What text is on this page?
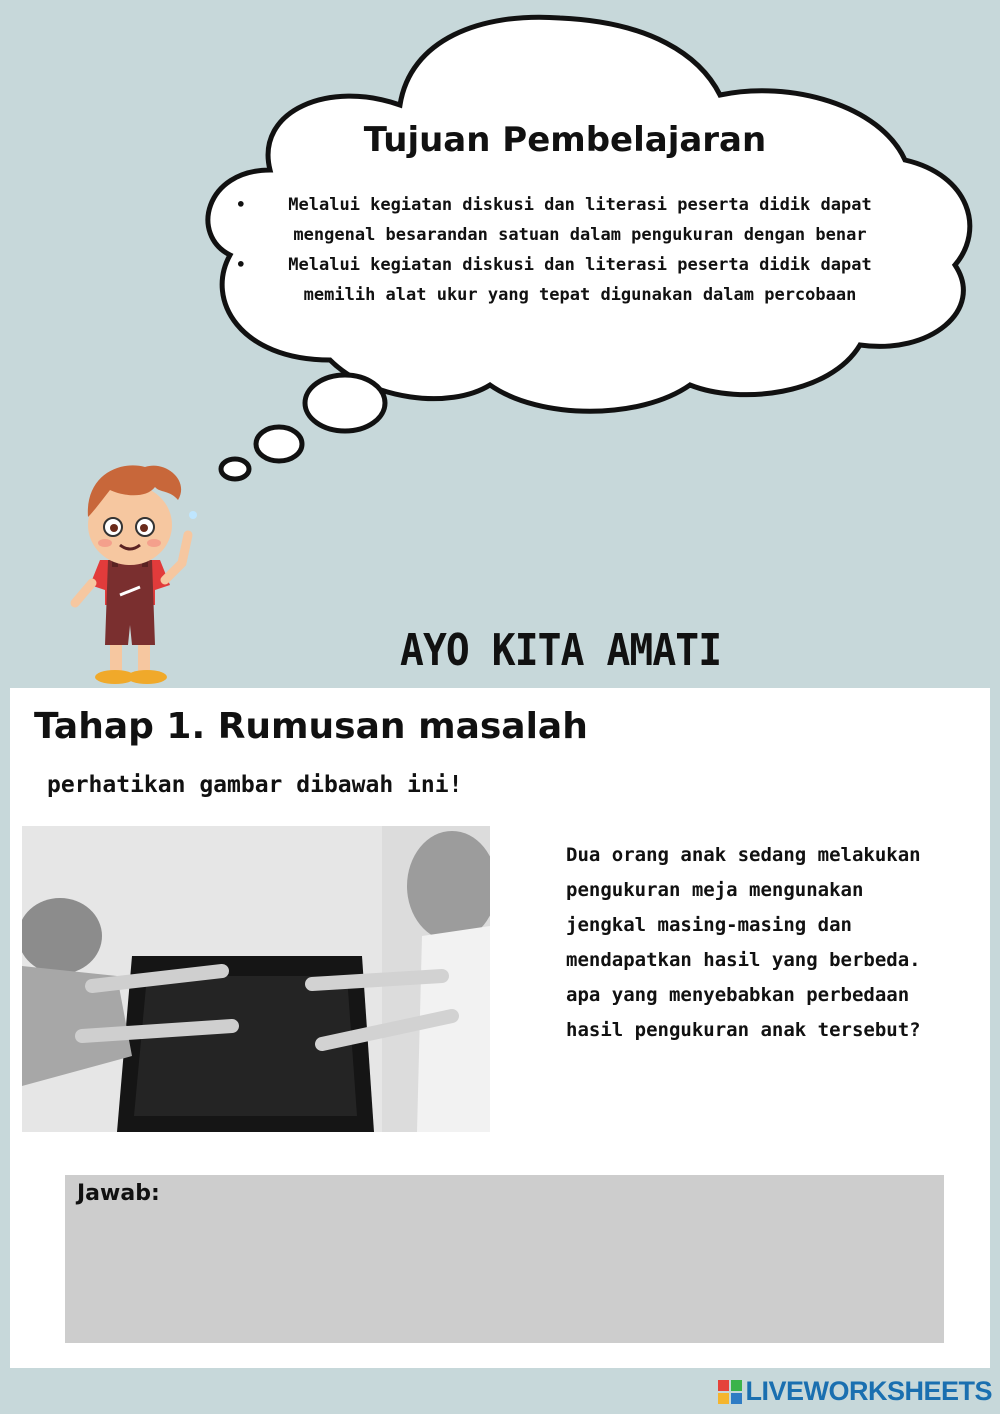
Tujuan Pembelajaran
• Melalui kegiatan diskusi dan literasi peserta didik dapat mengenal besarandan satuan dalam pengukuran dengan benar
• Melalui kegiatan diskusi dan literasi peserta didik dapat memilih alat ukur yang tepat digunakan dalam percobaan
AYO KITA AMATI
Tahap 1. Rumusan masalah
perhatikan gambar dibawah ini!

Dua orang anak sedang melakukan pengukuran meja mengunakan jengkal masing-masing dan mendapatkan hasil yang berbeda. apa yang menyebabkan perbedaan hasil pengukuran anak tersebut?

Jawab:
LIVEWORKSHEETS
